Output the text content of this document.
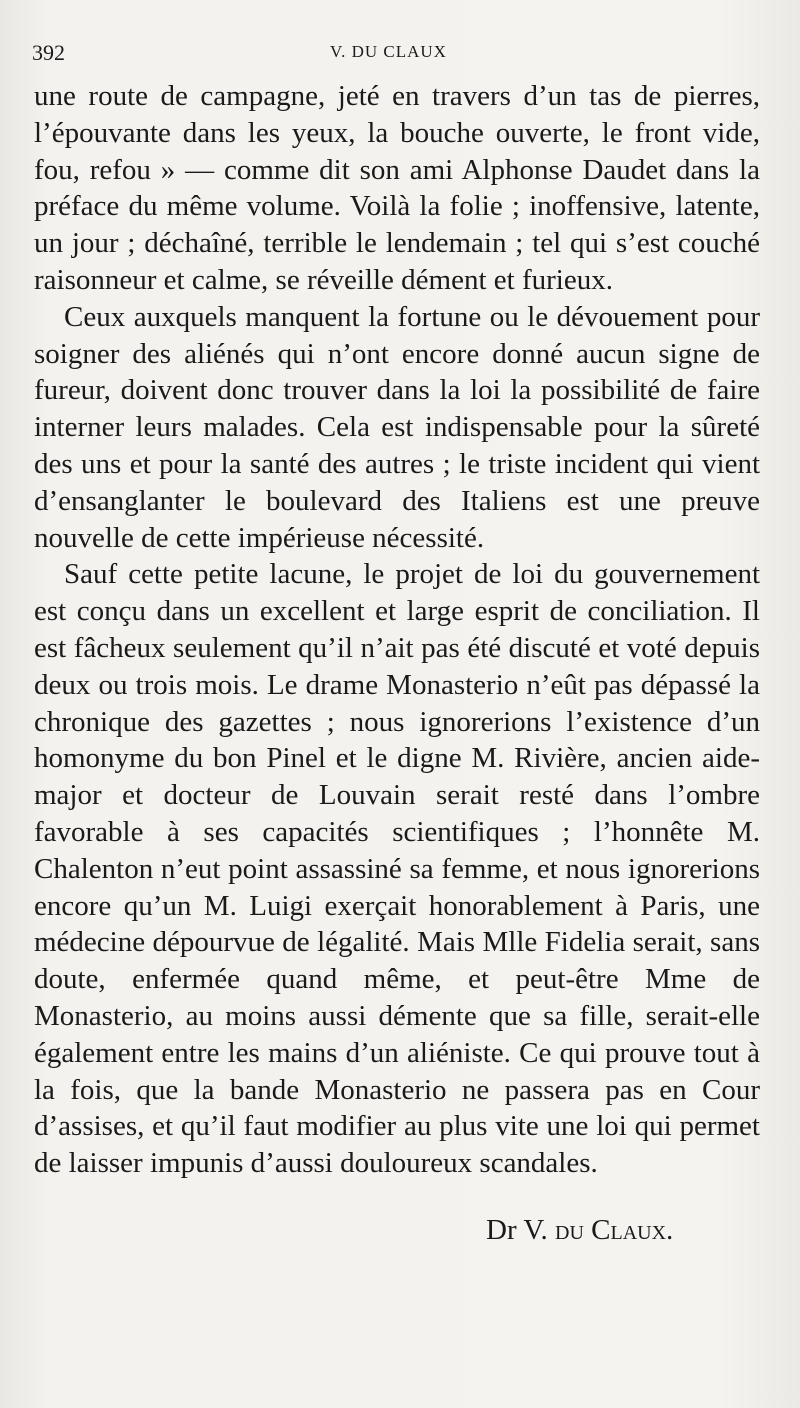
392	V. DU CLAUX

une route de campagne, jeté en travers d’un tas de pierres, l’épouvante dans les yeux, la bouche ouverte, le front vide, fou, refou » — comme dit son ami Alphonse Daudet dans la préface du même volume. Voilà la folie ; inoffensive, latente, un jour ; déchaîné, terrible le lendemain ; tel qui s’est couché raisonneur et calme, se réveille dément et furieux.

Ceux auxquels manquent la fortune ou le dévouement pour soigner des aliénés qui n’ont encore donné aucun signe de fureur, doivent donc trouver dans la loi la possibilité de faire interner leurs malades. Cela est indispensable pour la sûreté des uns et pour la santé des autres ; le triste incident qui vient d’ensanglanter le boulevard des Italiens est une preuve nouvelle de cette impérieuse nécessité.

Sauf cette petite lacune, le projet de loi du gouvernement est conçu dans un excellent et large esprit de conciliation. Il est fâcheux seulement qu’il n’ait pas été discuté et voté depuis deux ou trois mois. Le drame Monasterio n’eût pas dépassé la chronique des gazettes ; nous ignorerions l’existence d’un homonyme du bon Pinel et le digne M. Rivière, ancien aide-major et docteur de Louvain serait resté dans l’ombre favorable à ses capacités scientifiques ; l’honnête M. Chalenton n’eut point assassiné sa femme, et nous ignorerions encore qu’un M. Luigi exerçait honorablement à Paris, une médecine dépourvue de légalité. Mais Mlle Fidelia serait, sans doute, enfermée quand même, et peut-être Mme de Monasterio, au moins aussi démente que sa fille, serait-elle également entre les mains d’un aliéniste. Ce qui prouve tout à la fois, que la bande Monasterio ne passera pas en Cour d’assises, et qu’il faut modifier au plus vite une loi qui permet de laisser impunis d’aussi douloureux scandales.

Dr V. du Claux.
